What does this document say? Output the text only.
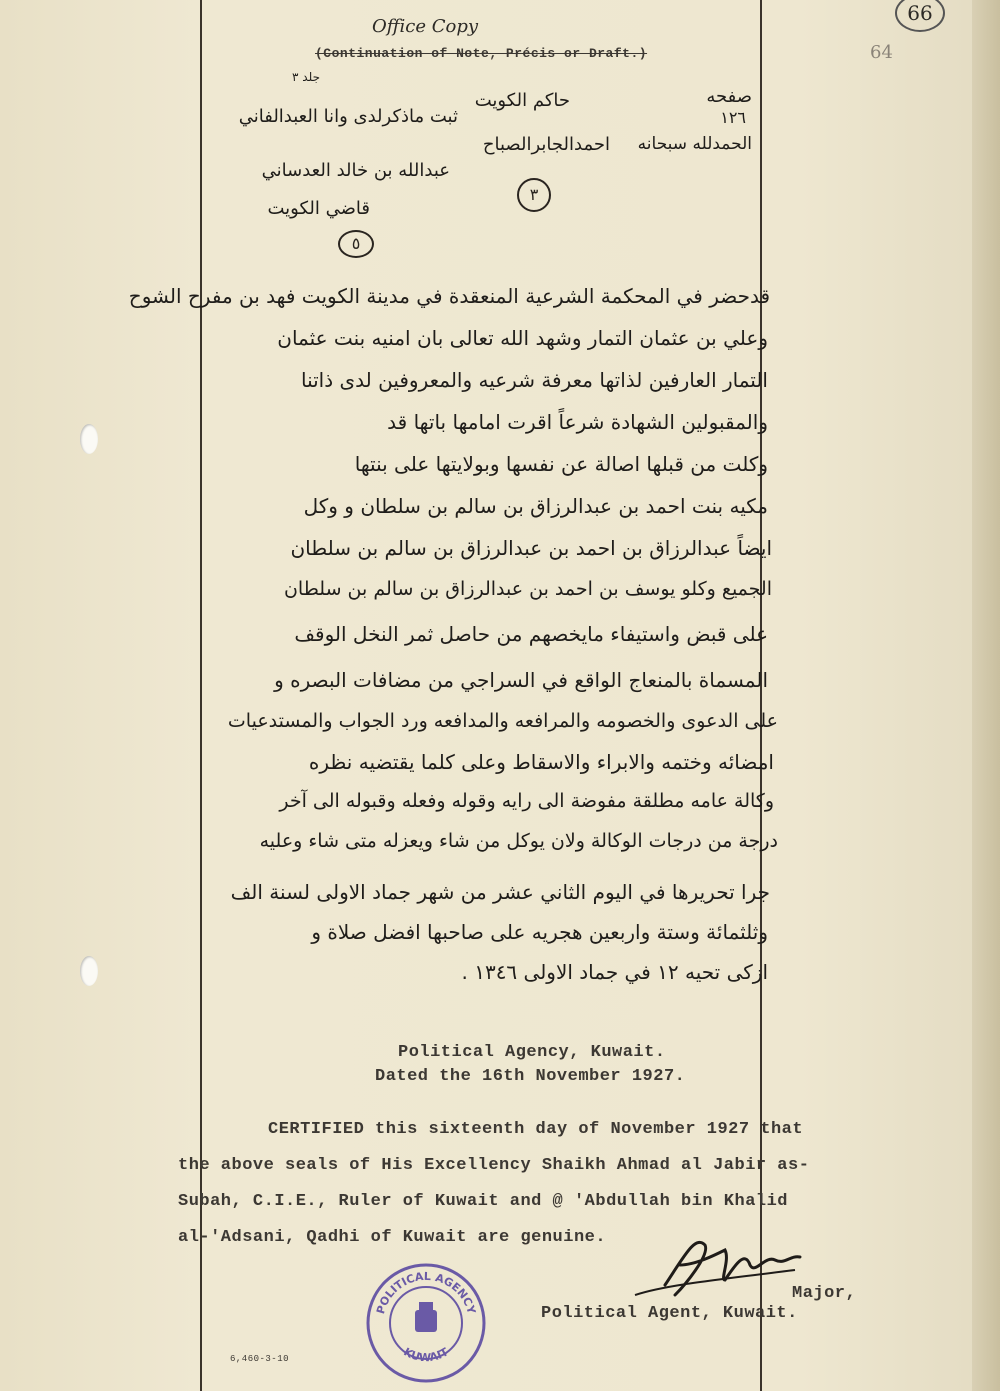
66
64
Office Copy
(Continuation of Note, Précis or Draft.)
صفحه
١٢٦
الحمدلله سبحانه
حاكم الكويت
احمدالجابرالصباح
٣
جلد ٣
ثبت ماذكرلدى وانا العبدالفاني
عبدالله بن خالد العدساني
قاضي الكويت
٥
قدحضر في المحكمة الشرعية المنعقدة في مدينة الكويت فهد بن مفرح الشوح
وعلي بن عثمان التمار وشهد الله تعالى بان امنيه بنت عثمان
التمار العارفين لذاتها معرفة شرعيه والمعروفين لدى ذاتنا
والمقبولين الشهادة شرعاً اقرت امامها باتها قد
وكلت من قبلها اصالة عن نفسها وبولايتها على بنتها
مكيه بنت احمد بن عبدالرزاق بن سالم بن سلطان و وكل
ايضاً عبدالرزاق بن احمد بن عبدالرزاق بن سالم بن سلطان
الجميع وكلو يوسف بن احمد بن عبدالرزاق بن سالم بن سلطان
على قبض واستيفاء مايخصهم من حاصل ثمر النخل الوقف
المسماة بالمنعاج الواقع في السراجي من مضافات البصره و
على الدعوى والخصومه والمرافعه والمدافعه ورد الجواب والمستدعيات
امضائه وختمه والابراء والاسقاط وعلى كلما يقتضيه نظره
وكالة عامه مطلقة مفوضة الى رايه وقوله وفعله وقبوله الى آخر
درجة من درجات الوكالة ولان يوكل من شاء ويعزله متى شاء وعليه
جرا تحريرها في اليوم الثاني عشر من شهر جماد الاولى لسنة الف
Political Agency, Kuwait.
Dated the 16th November 1927.
CERTIFIED this sixteenth day of November 1927 that
the above seals of His Excellency Shaikh Ahmad al Jabir as-
Subah, C.I.E., Ruler of Kuwait and @ 'Abdullah bin Khalid
al-'Adsani, Qadhi of Kuwait are genuine.
Major,
Political Agent, Kuwait.
POLITICAL AGENCY
KUWAIT
6,460-3-10
وثلثمائة وستة واربعين هجريه على صاحبها افضل صلاة و
ازكى تحيه ١٢ في جماد الاولى ١٣٤٦ .
